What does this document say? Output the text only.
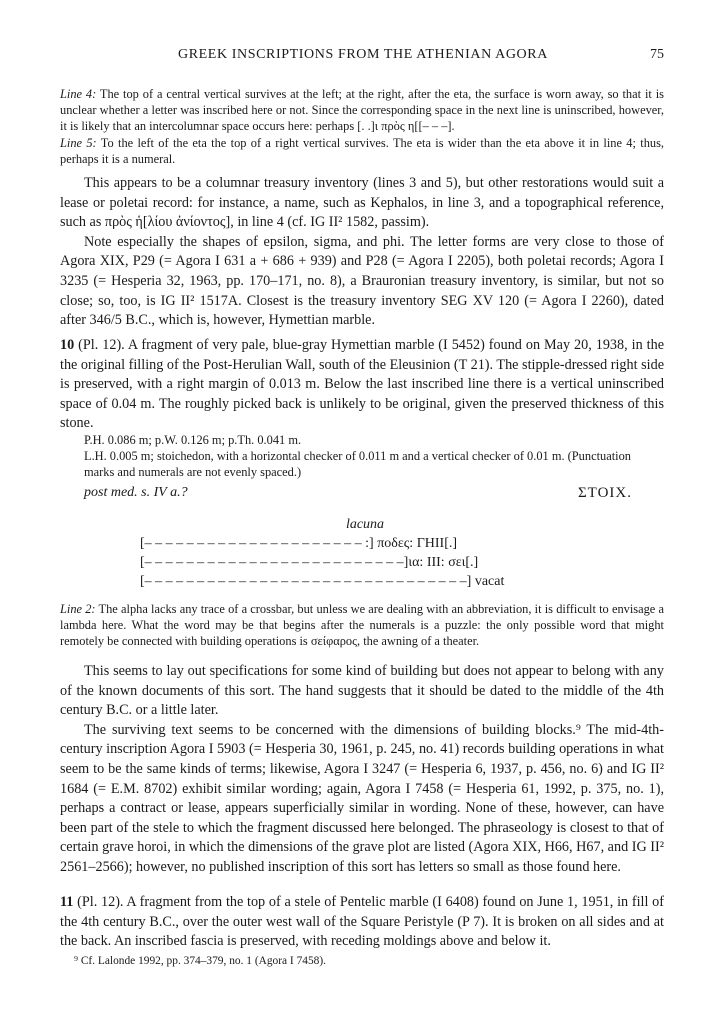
GREEK INSCRIPTIONS FROM THE ATHENIAN AGORA	75

Line 4: The top of a central vertical survives at the left; at the right, after the eta, the surface is worn away, so that it is unclear whether a letter was inscribed here or not. Since the corresponding space in the next line is uninscribed, however, it is likely that an intercolumnar space occurs here: perhaps [. .]ι πρὸς η[[– – –].

Line 5: To the left of the eta the top of a right vertical survives. The eta is wider than the eta above it in line 4; thus, perhaps it is a numeral.

This appears to be a columnar treasury inventory (lines 3 and 5), but other restorations would suit a lease or poletai record: for instance, a name, such as Kephalos, in line 3, and a topographical reference, such as πρὸς ἡ[λίου ἀνίοντος], in line 4 (cf. IG II² 1582, passim).

Note especially the shapes of epsilon, sigma, and phi. The letter forms are very close to those of Agora XIX, P29 (= Agora I 631 a + 686 + 939) and P28 (= Agora I 2205), both poletai records; Agora I 3235 (= Hesperia 32, 1963, pp. 170–171, no. 8), a Brauronian treasury inventory, is similar, but not so close; so, too, is IG II² 1517A. Closest is the treasury inventory SEG XV 120 (= Agora I 2260), dated after 346/5 B.C., which is, however, Hymettian marble.

10 (Pl. 12). A fragment of very pale, blue-gray Hymettian marble (I 5452) found on May 20, 1938, in the the original filling of the Post-Herulian Wall, south of the Eleusinion (T 21). The stipple-dressed right side is preserved, with a right margin of 0.013 m. Below the last inscribed line there is a vertical uninscribed space of 0.04 m. The roughly picked back is unlikely to be original, given the preserved thickness of this stone.

P.H. 0.086 m; p.W. 0.126 m; p.Th. 0.041 m.

L.H. 0.005 m; stoichedon, with a horizontal checker of 0.011 m and a vertical checker of 0.01 m. (Punctuation marks and numerals are not evenly spaced.)

post med. s. IV a.?	ΣΤΟΙΧ.
lacuna
[– – – – – – – – – – – – – – – – – – – – – :] ποδες: ΓΗΙΙ[.]
[– – – – – – – – – – – – – – – – – – – – – – – – –]ια: ΙΙΙ: σει[.]
[– – – – – – – – – – – – – – – – – – – – – – – – – – – – – – –] vacat

Line 2: The alpha lacks any trace of a crossbar, but unless we are dealing with an abbreviation, it is difficult to envisage a lambda here. What the word may be that begins after the numerals is a puzzle: the only possible word that might remotely be connected with building operations is σείφαρος, the awning of a theater.

This seems to lay out specifications for some kind of building but does not appear to belong with any of the known documents of this sort. The hand suggests that it should be dated to the middle of the 4th century B.C. or a little later.

The surviving text seems to be concerned with the dimensions of building blocks.⁹ The mid-4th-century inscription Agora I 5903 (= Hesperia 30, 1961, p. 245, no. 41) records building operations in what seem to be the same kinds of terms; likewise, Agora I 3247 (= Hesperia 6, 1937, p. 456, no. 6) and IG II² 1684 (= E.M. 8702) exhibit similar wording; again, Agora I 7458 (= Hesperia 61, 1992, p. 375, no. 1), perhaps a contract or lease, appears superficially similar in wording. None of these, however, can have been part of the stele to which the fragment discussed here belonged. The phraseology is closest to that of certain grave horoi, in which the dimensions of the grave plot are listed (Agora XIX, H66, H67, and IG II² 2561–2566); however, no published inscription of this sort has letters so small as those found here.

11 (Pl. 12). A fragment from the top of a stele of Pentelic marble (I 6408) found on June 1, 1951, in fill of the 4th century B.C., over the outer west wall of the Square Peristyle (P 7). It is broken on all sides and at the back. An inscribed fascia is preserved, with receding moldings above and below it.

⁹ Cf. Lalonde 1992, pp. 374–379, no. 1 (Agora I 7458).
